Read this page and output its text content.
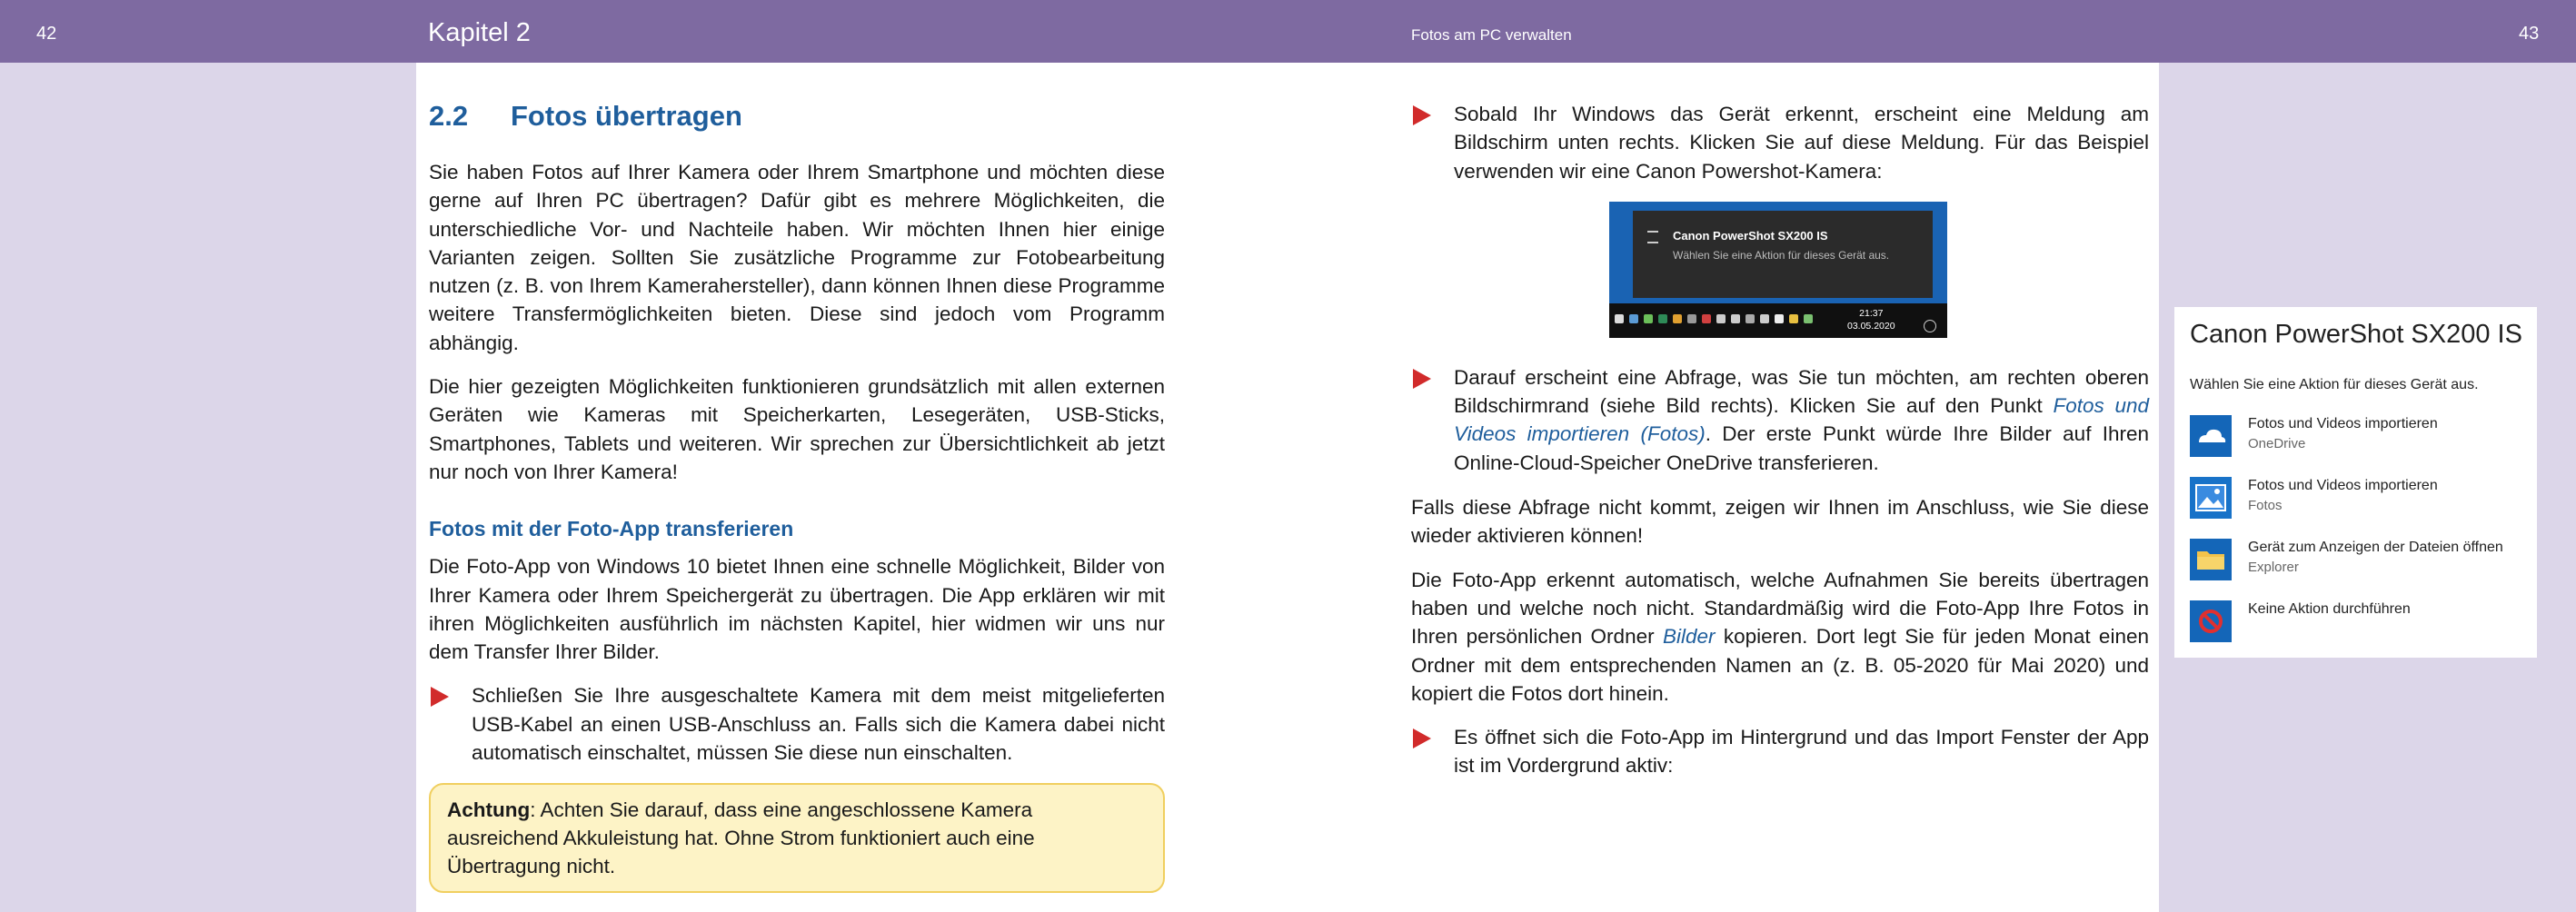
42	Kapitel 2	Fotos am PC verwalten	43
2.2	Fotos übertragen

Sie haben Fotos auf Ihrer Kamera oder Ihrem Smartphone und möchten diese gerne auf Ihren PC übertragen? Dafür gibt es mehrere Möglichkeiten, die unterschiedliche Vor- und Nachteile haben. Wir möchten Ihnen hier einige Varianten zeigen. Sollten Sie zusätzliche Programme zur Fotobearbeitung nutzen (z. B. von Ihrem Kamerahersteller), dann können Ihnen diese Programme weitere Transfermöglichkeiten bieten. Diese sind jedoch vom Programm abhängig.

Die hier gezeigten Möglichkeiten funktionieren grundsätzlich mit allen externen Geräten wie Kameras mit Speicherkarten, Lesegeräten, USB-Sticks, Smartphones, Tablets und weiteren. Wir sprechen zur Übersichtlichkeit ab jetzt nur noch von Ihrer Kamera!

Fotos mit der Foto-App transferieren

Die Foto-App von Windows 10 bietet Ihnen eine schnelle Möglichkeit, Bilder von Ihrer Kamera oder Ihrem Speichergerät zu übertragen. Die App erklären wir mit ihren Möglichkeiten ausführlich im nächsten Kapitel, hier widmen wir uns nur dem Transfer Ihrer Bilder.

Schließen Sie Ihre ausgeschaltete Kamera mit dem meist mitgelieferten USB-Kabel an einen USB-Anschluss an. Falls sich die Kamera dabei nicht automatisch einschaltet, müssen Sie diese nun einschalten.

Achtung: Achten Sie darauf, dass eine angeschlossene Kamera ausreichend Akkuleistung hat. Ohne Strom funktioniert auch eine Übertragung nicht.

Sobald Ihr Windows das Gerät erkennt, erscheint eine Meldung am Bildschirm unten rechts. Klicken Sie auf diese Meldung. Für das Beispiel verwenden wir eine Canon Powershot-Kamera:

Canon PowerShot SX200 IS
Wählen Sie eine Aktion für dieses Gerät aus.
21:37
03.05.2020

Darauf erscheint eine Abfrage, was Sie tun möchten, am rechten oberen Bildschirmrand (siehe Bild rechts). Klicken Sie auf den Punkt Fotos und Videos importieren (Fotos). Der erste Punkt würde Ihre Bilder auf Ihren Online-Cloud-Speicher OneDrive transferieren.

Falls diese Abfrage nicht kommt, zeigen wir Ihnen im Anschluss, wie Sie diese wieder aktivieren können!

Die Foto-App erkennt automatisch, welche Aufnahmen Sie bereits übertragen haben und welche noch nicht. Standardmäßig wird die Foto-App Ihre Fotos in Ihren persönlichen Ordner Bilder kopieren. Dort legt Sie für jeden Monat einen Ordner mit dem entsprechenden Namen an (z. B. 05-2020 für Mai 2020) und kopiert die Fotos dort hinein.

Es öffnet sich die Foto-App im Hintergrund und das Import Fenster der App ist im Vordergrund aktiv:

Canon PowerShot SX200 IS
Wählen Sie eine Aktion für dieses Gerät aus.
Fotos und Videos importieren
OneDrive
Fotos und Videos importieren
Fotos
Gerät zum Anzeigen der Dateien öffnen
Explorer
Keine Aktion durchführen
